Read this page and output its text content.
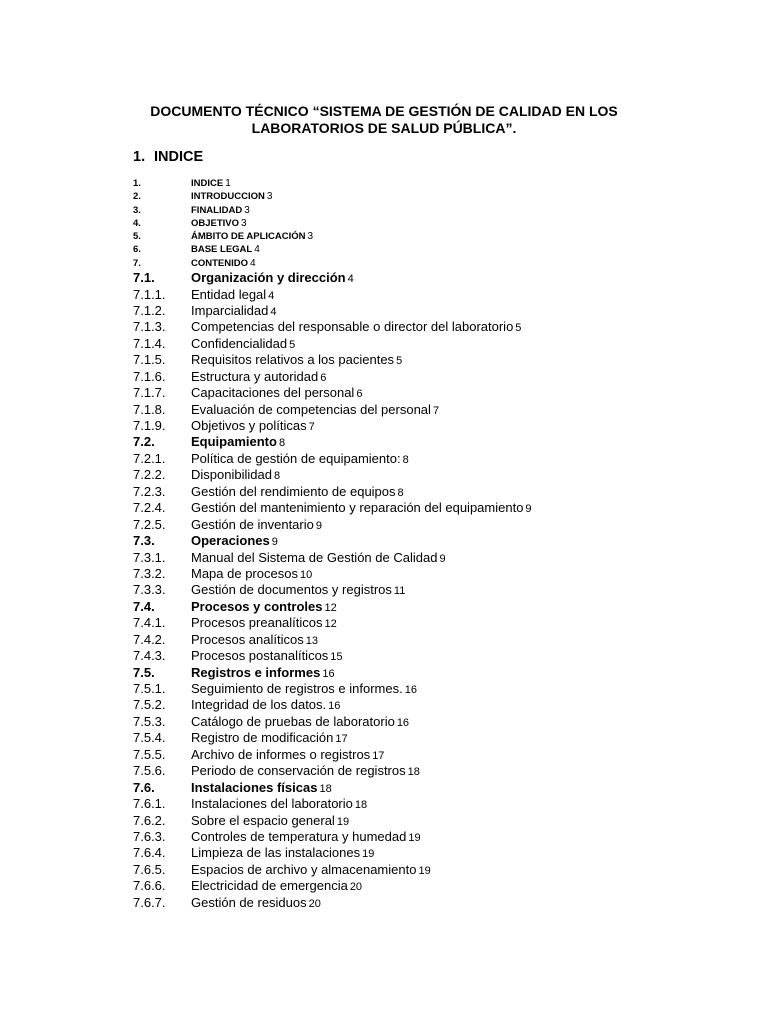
DOCUMENTO TÉCNICO “SISTEMA DE GESTIÓN DE CALIDAD EN LOS
LABORATORIOS DE SALUD PÚBLICA”.
1. INDICE
1.	INDICE 1
2.	INTRODUCCION 3
3.	FINALIDAD 3
4.	OBJETIVO 3
5.	ÁMBITO DE APLICACIÓN 3
6.	BASE LEGAL 4
7.	CONTENIDO 4
7.1.	Organización y dirección 4
7.1.1.	Entidad legal 4
7.1.2.	Imparcialidad 4
7.1.3.	Competencias del responsable o director del laboratorio 5
7.1.4.	Confidencialidad 5
7.1.5.	Requisitos relativos a los pacientes 5
7.1.6.	Estructura y autoridad 6
7.1.7.	Capacitaciones del personal 6
7.1.8.	Evaluación de competencias del personal 7
7.1.9.	Objetivos y políticas 7
7.2.	Equipamiento 8
7.2.1.	Política de gestión de equipamiento: 8
7.2.2.	Disponibilidad 8
7.2.3.	Gestión del rendimiento de equipos 8
7.2.4.	Gestión del mantenimiento y reparación del equipamiento 9
7.2.5.	Gestión de inventario 9
7.3.	Operaciones 9
7.3.1.	Manual del Sistema de Gestión de Calidad 9
7.3.2.	Mapa de procesos 10
7.3.3.	Gestión de documentos y registros 11
7.4.	Procesos y controles 12
7.4.1.	Procesos preanalíticos 12
7.4.2.	Procesos analíticos 13
7.4.3.	Procesos postanalíticos 15
7.5.	Registros e informes 16
7.5.1.	Seguimiento de registros e informes. 16
7.5.2.	Integridad de los datos. 16
7.5.3.	Catálogo de pruebas de laboratorio 16
7.5.4.	Registro de modificación 17
7.5.5.	Archivo de informes o registros 17
7.5.6.	Periodo de conservación de registros 18
7.6.	Instalaciones físicas 18
7.6.1.	Instalaciones del laboratorio 18
7.6.2.	Sobre el espacio general 19
7.6.3.	Controles de temperatura y humedad 19
7.6.4.	Limpieza de las instalaciones 19
7.6.5.	Espacios de archivo y almacenamiento 19
7.6.6.	Electricidad de emergencia 20
7.6.7.	Gestión de residuos 20
